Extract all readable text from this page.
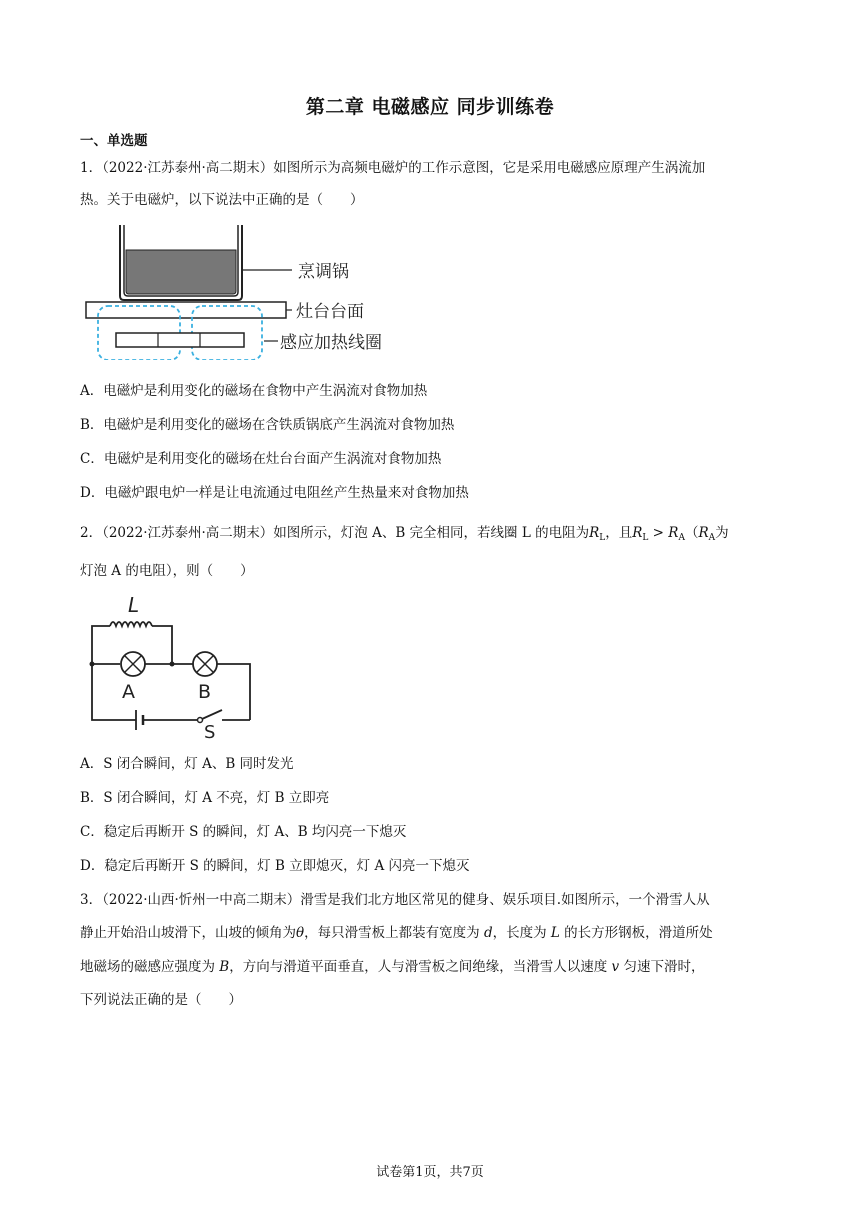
第二章 电磁感应 同步训练卷
一、单选题
1．（2022·江苏泰州·高二期末）如图所示为高频电磁炉的工作示意图，它是采用电磁感应原理产生涡流加
热。关于电磁炉，以下说法中正确的是（　　）
烹调锅
灶台台面
感应加热线圈
A．电磁炉是利用变化的磁场在食物中产生涡流对食物加热
B．电磁炉是利用变化的磁场在含铁质锅底产生涡流对食物加热
C．电磁炉是利用变化的磁场在灶台台面产生涡流对食物加热
D．电磁炉跟电炉一样是让电流通过电阻丝产生热量来对食物加热
2．（2022·江苏泰州·高二期末）如图所示，灯泡 A、B 完全相同，若线圈 L 的电阻为$R_L$，且$R_L > R_A(R_A$为
灯泡 A 的电阻），则（　　）
L
A	B
S
A．S 闭合瞬间，灯 A、B 同时发光
B．S 闭合瞬间，灯 A 不亮，灯 B 立即亮
C．稳定后再断开 S 的瞬间，灯 A、B 均闪亮一下熄灭
D．稳定后再断开 S 的瞬间，灯 B 立即熄灭，灯 A 闪亮一下熄灭
3．（2022·山西·忻州一中高二期末）滑雪是我们北方地区常见的健身、娱乐项目.如图所示，一个滑雪人从
静止开始沿山坡滑下，山坡的倾角为θ，每只滑雪板上都装有宽度为 d，长度为 L 的长方形钢板，滑道所处
地磁场的磁感应强度为 B，方向与滑道平面垂直，人与滑雪板之间绝缘，当滑雪人以速度 v 匀速下滑时，
下列说法正确的是（　　）
试卷第1页，共7页
